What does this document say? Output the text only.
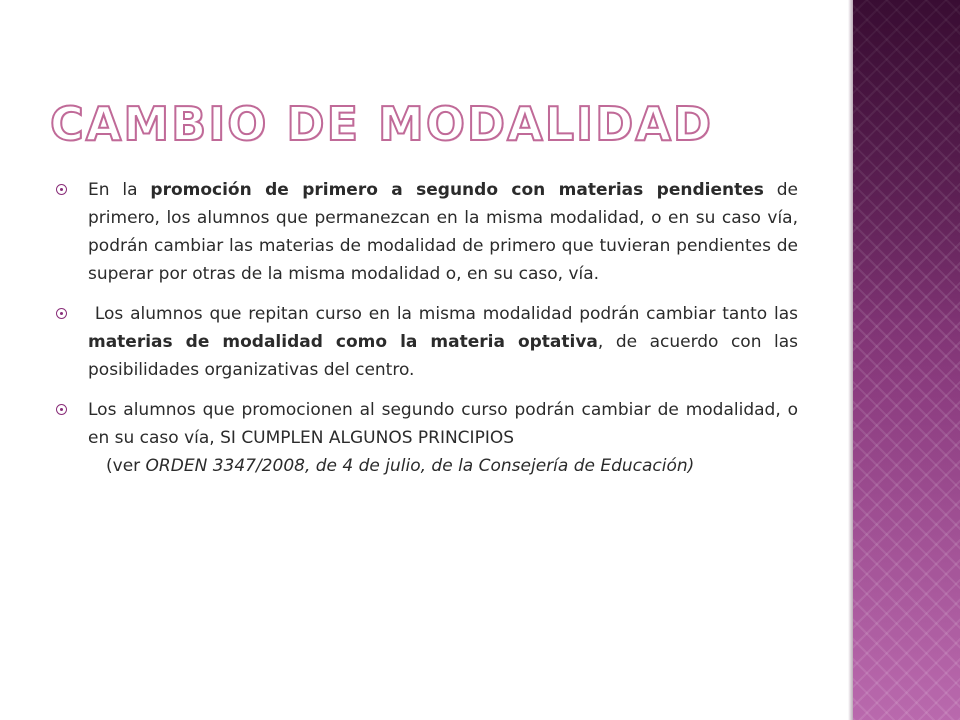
CAMBIO DE MODALIDAD

En la promoción de primero a segundo con materias pendientes de primero, los alumnos que permanezcan en la misma modalidad, o en su caso vía, podrán cambiar las materias de modalidad de primero que tuvieran pendientes de superar por otras de la misma modalidad o, en su caso, vía.

Los alumnos que repitan curso en la misma modalidad podrán cambiar tanto las materias de modalidad como la materia optativa, de acuerdo con las posibilidades organizativas del centro.

Los alumnos que promocionen al segundo curso podrán cambiar de modalidad, o en su caso vía, SI CUMPLEN ALGUNOS PRINCIPIOS

(ver ORDEN 3347/2008, de 4 de julio, de la Consejería de Educación)
